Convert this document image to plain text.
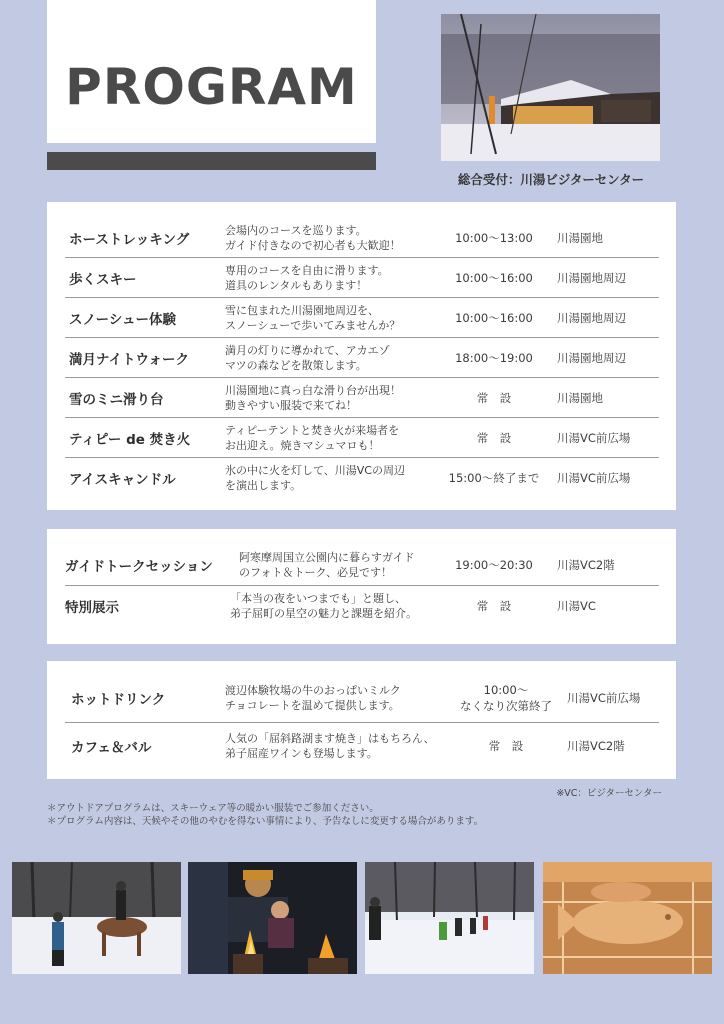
PROGRAM
総合受付：川湯ビジターセンター
ホーストレッキング
会場内のコースを巡ります。
ガイド付きなので初心者も大歓迎！
10:00〜13:00	川湯園地
歩くスキー
専用のコースを自由に滑ります。
道具のレンタルもあります！
10:00〜16:00	川湯園地周辺
スノーシュー体験
雪に包まれた川湯園地周辺を、
スノーシューで歩いてみませんか？
10:00〜16:00	川湯園地周辺
満月ナイトウォーク
満月の灯りに導かれて、アカエゾ
マツの森などを散策します。
18:00〜19:00	川湯園地周辺
雪のミニ滑り台
川湯園地に真っ白な滑り台が出現！
動きやすい服装で来てね！
常　設	川湯園地
ティピー de 焚き火
ティピーテントと焚き火が来場者を
お出迎え。焼きマシュマロも！
常　設	川湯VC前広場
アイスキャンドル
氷の中に火を灯して、川湯VCの周辺
を演出します。
15:00〜終了まで	川湯VC前広場
ガイドトークセッション
阿寒摩周国立公園内に暮らすガイド
のフォト＆トーク、必見です！
19:00〜20:30	川湯VC2階
特別展示
「本当の夜をいつまでも」と題し、
弟子屈町の星空の魅力と課題を紹介。
常　設	川湯VC
ホットドリンク
渡辺体験牧場の牛のおっぱいミルク
チョコレートを温めて提供します。
10:00〜
なくなり次第終了
川湯VC前広場
カフェ＆バル
人気の「屈斜路湖ます焼き」はもちろん、
弟子屈産ワインも登場します。
常　設	川湯VC2階
※VC：ビジターセンター
＊アウトドアプログラムは、スキーウェア等の暖かい服装でご参加ください。
＊プログラム内容は、天候やその他のやむを得ない事情により、予告なしに変更する場合があります。
